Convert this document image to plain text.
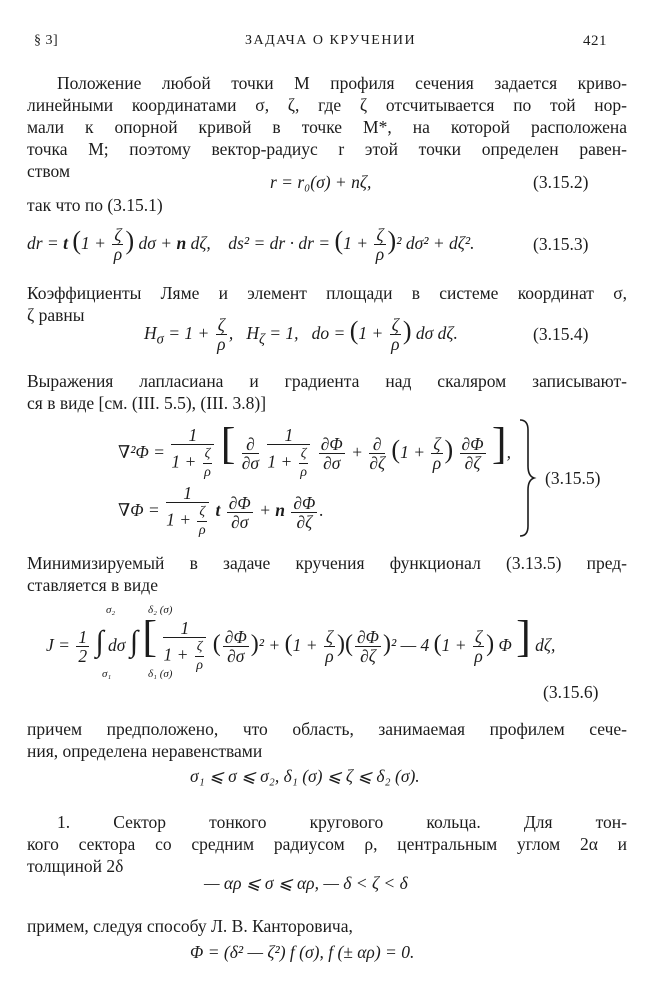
§ 3]	ЗАДАЧА О КРУЧЕНИИ	421
Положение любой точки M профиля сечения задается криво-
линейными координатами σ, ζ, где ζ отсчитывается по той нор-
мали к опорной кривой в точке M*, на которой расположена
точка M; поэтому вектор-радиус r этой точки определен равен-
ством
r = r₀(σ) + nζ,	(3.15.2)
так что по (3.15.1)
dr = t ($1 + \frac{\zeta}{\rho}$ ) dσ + n dζ,    ds² = dr · dr = $(1 + \frac{\zeta}{\rho} )^2$ dσ² + dζ².	(3.15.3)
Коэффициенты Ляме и элемент площади в системе координат σ,
ζ равны
$H_\sigma = 1 + \frac{\zeta}{\rho}$ ,   $H_\zeta = 1$,   do = ($1 + \frac{\zeta}{\rho}$ ) dσ dζ.	(3.15.4)
Выражения лапласиана и градиента над скаляром записывают-
ся в виде [см. (III. 5.5), (III. 3.8)]
$\nabla^2\Phi = \frac{1}{1 + \frac{\zeta}{\rho}}$ [ $\frac{\partial}{\partial\sigma}$
$\frac{1}{1 + \frac{\zeta}{\rho}}$
$\frac{\partial\Phi}{\partial\sigma} + \frac{\partial}{\partial\zeta} (1 + \frac{\zeta}{\rho}$ ) $\frac{\partial\Phi}{\partial\zeta}$ ],
$\nabla\Phi = \frac{1}{1 + \frac{\zeta}{\rho}}$ t $\frac{\partial\Phi}{\partial\sigma} + n \frac{\partial\Phi}{\partial\zeta}$ .
(3.15.5)
Минимизируемый в задаче кручения функционал (3.13.5) пред-
ставляется в виде
$J = \frac{1}{2}$ ∫ dσ ∫ [ $\frac{1}{1 + \frac{\zeta}{\rho}}$ ( $\frac{\partial\Phi}{\partial\sigma} )^2 + (1 + \frac{\zeta}{\rho}$ )( $\frac{\partial\Phi}{\partial\zeta} )^2$ — 4 ($1 + \frac{\zeta}{\rho}$ ) Φ ] dζ,
σ₂
σ₁
δ₂ (σ)
δ₁ (σ)
(3.15.6)
причем предположено, что область, занимаемая профилем сече-
ния, определена неравенствами
σ₁ ⩽ σ ⩽ σ₂, δ₁ (σ) ⩽ ζ ⩽ δ₂ (σ).
1. Сектор тонкого кругового кольца. Для тон-
кого сектора со средним радиусом ρ, центральным углом 2α и
толщиной 2δ
— αρ ⩽ σ ⩽ αρ, — δ < ζ < δ
примем, следуя способу Л. В. Канторовича,
Φ = (δ² — ζ²) f (σ), f (± αρ) = 0.
